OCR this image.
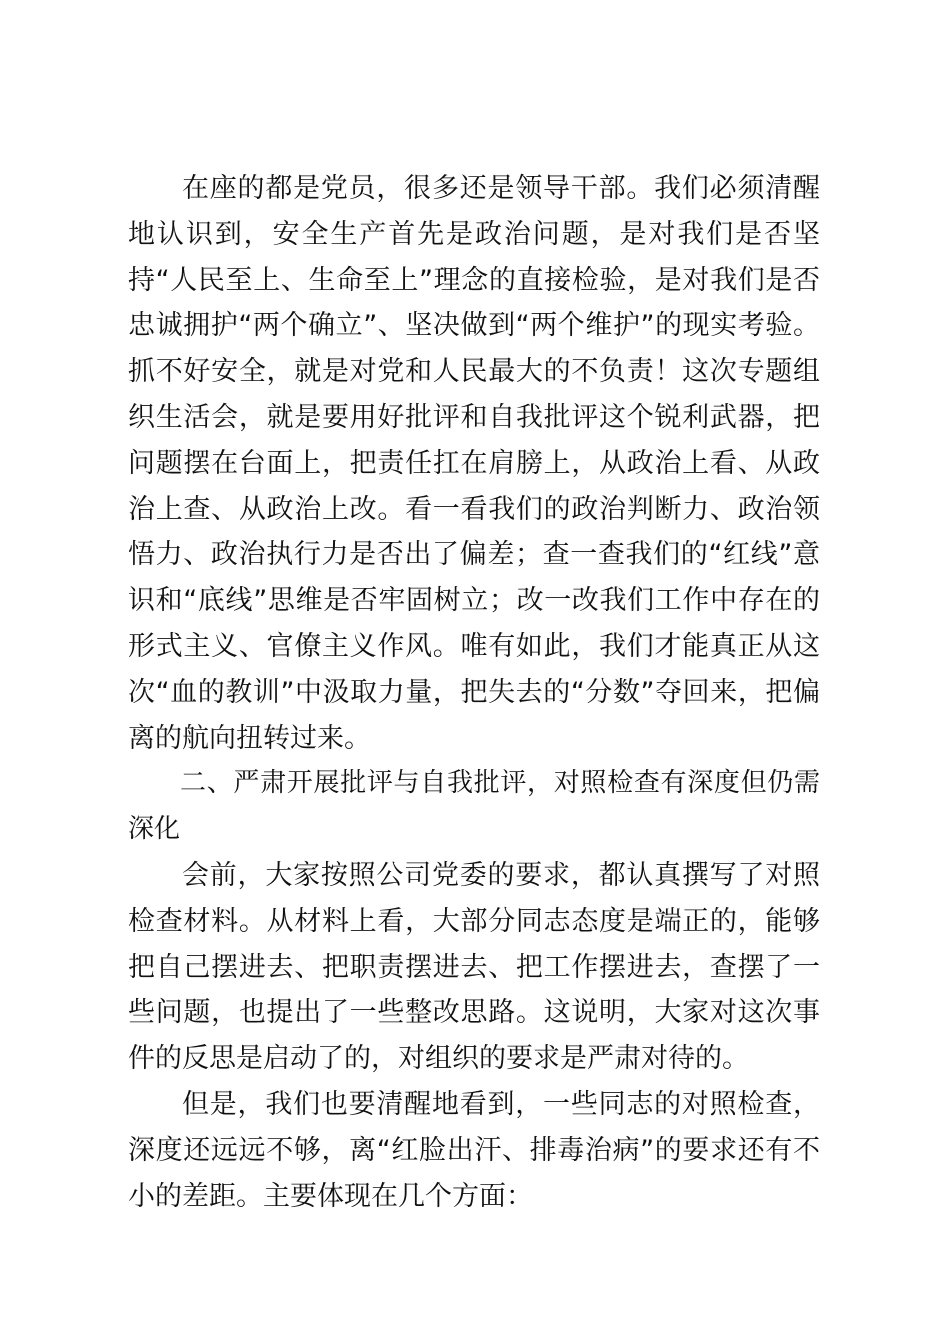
在座的都是党员，很多还是领导干部。我们必须清醒地认识到，安全生产首先是政治问题，是对我们是否坚持“人民至上、生命至上”理念的直接检验，是对我们是否忠诚拥护“两个确立”、坚决做到“两个维护”的现实考验。抓不好安全，就是对党和人民最大的不负责！这次专题组织生活会，就是要用好批评和自我批评这个锐利武器，把问题摆在台面上，把责任扛在肩膀上，从政治上看、从政治上查、从政治上改。看一看我们的政治判断力、政治领悟力、政治执行力是否出了偏差；查一查我们的“红线”意识和“底线”思维是否牢固树立；改一改我们工作中存在的形式主义、官僚主义作风。唯有如此，我们才能真正从这次“血的教训”中汲取力量，把失去的“分数”夺回来，把偏离的航向扭转过来。

二、严肃开展批评与自我批评，对照检查有深度但仍需深化

会前，大家按照公司党委的要求，都认真撰写了对照检查材料。从材料上看，大部分同志态度是端正的，能够把自己摆进去、把职责摆进去、把工作摆进去，查摆了一些问题，也提出了一些整改思路。这说明，大家对这次事件的反思是启动了的，对组织的要求是严肃对待的。

但是，我们也要清醒地看到，一些同志的对照检查，深度还远远不够，离“红脸出汗、排毒治病”的要求还有不小的差距。主要体现在几个方面：
